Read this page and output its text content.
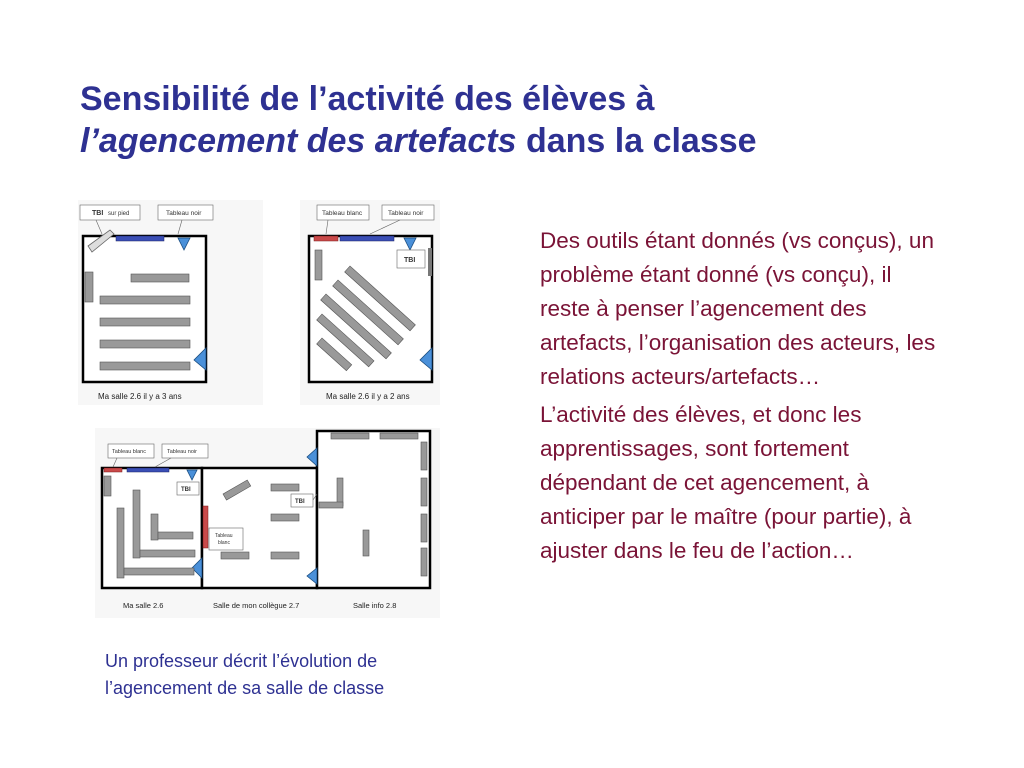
Sensibilité de l’activité des élèves à
l’agencement des artefacts dans la classe

Des outils étant donnés (vs conçus), un problème étant donné (vs conçu), il reste à penser l’agencement des artefacts, l’organisation des acteurs, les relations acteurs/artefacts…

L’activité des élèves, et donc les apprentissages, sont fortement dépendant de cet agencement, à anticiper par le maître (pour partie), à ajuster dans le feu de l’action…

Un professeur décrit l’évolution de l’agencement de sa salle de classe

TBI sur pied	Tableau noir
Ma salle 2.6 il y a 3 ans
TBI
Tableau blanc	Tableau noir
Ma salle 2.6 il y a 2 ans
Tableau blanc	Tableau noir
TBI
TBI
Tableau
blanc
Ma salle 2.6	Salle de mon collègue 2.7	Salle info 2.8
